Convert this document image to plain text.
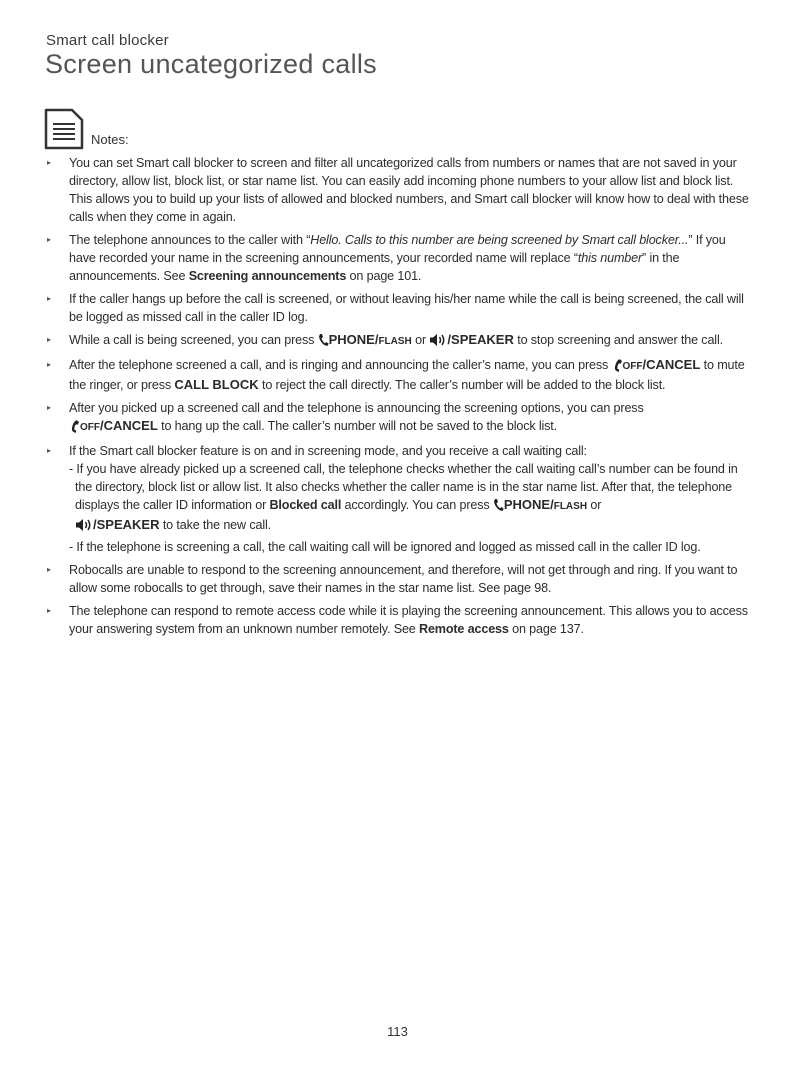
Smart call blocker
Screen uncategorized calls
Notes:
▸ You can set Smart call blocker to screen and filter all uncategorized calls from numbers or names that are not saved in your directory, allow list, block list, or star name list. You can easily add incoming phone numbers to your allow list and block list. This allows you to build up your lists of allowed and blocked numbers, and Smart call blocker will know how to deal with these calls when they come in again.
▸ The telephone announces to the caller with “Hello. Calls to this number are being screened by Smart call blocker...” If you have recorded your name in the screening announcements, your recorded name will replace “this number” in the announcements. See Screening announcements on page 101.
▸ If the caller hangs up before the call is screened, or without leaving his/her name while the call is being screened, the call will be logged as missed call in the caller ID log.
▸ While a call is being screened, you can press PHONE/FLASH or /SPEAKER to stop screening and answer the call.
▸ After the telephone screened a call, and is ringing and announcing the caller’s name, you can press OFF/CANCEL to mute the ringer, or press CALL BLOCK to reject the call directly. The caller’s number will be added to the block list.
▸ After you picked up a screened call and the telephone is announcing the screening options, you can press
OFF/CANCEL to hang up the call. The caller’s number will not be saved to the block list.
▸ If the Smart call blocker feature is on and in screening mode, and you receive a call waiting call:
- If you have already picked up a screened call, the telephone checks whether the call waiting call’s number can be found in the directory, block list or allow list. It also checks whether the caller name is in the star name list. After that, the telephone displays the caller ID information or Blocked call accordingly. You can press PHONE/FLASH or
/SPEAKER to take the new call.
- If the telephone is screening a call, the call waiting call will be ignored and logged as missed call in the caller ID log.
▸ Robocalls are unable to respond to the screening announcement, and therefore, will not get through and ring. If you want to allow some robocalls to get through, save their names in the star name list. See page 98.
▸ The telephone can respond to remote access code while it is playing the screening announcement. This allows you to access your answering system from an unknown number remotely. See Remote access on page 137.
113
